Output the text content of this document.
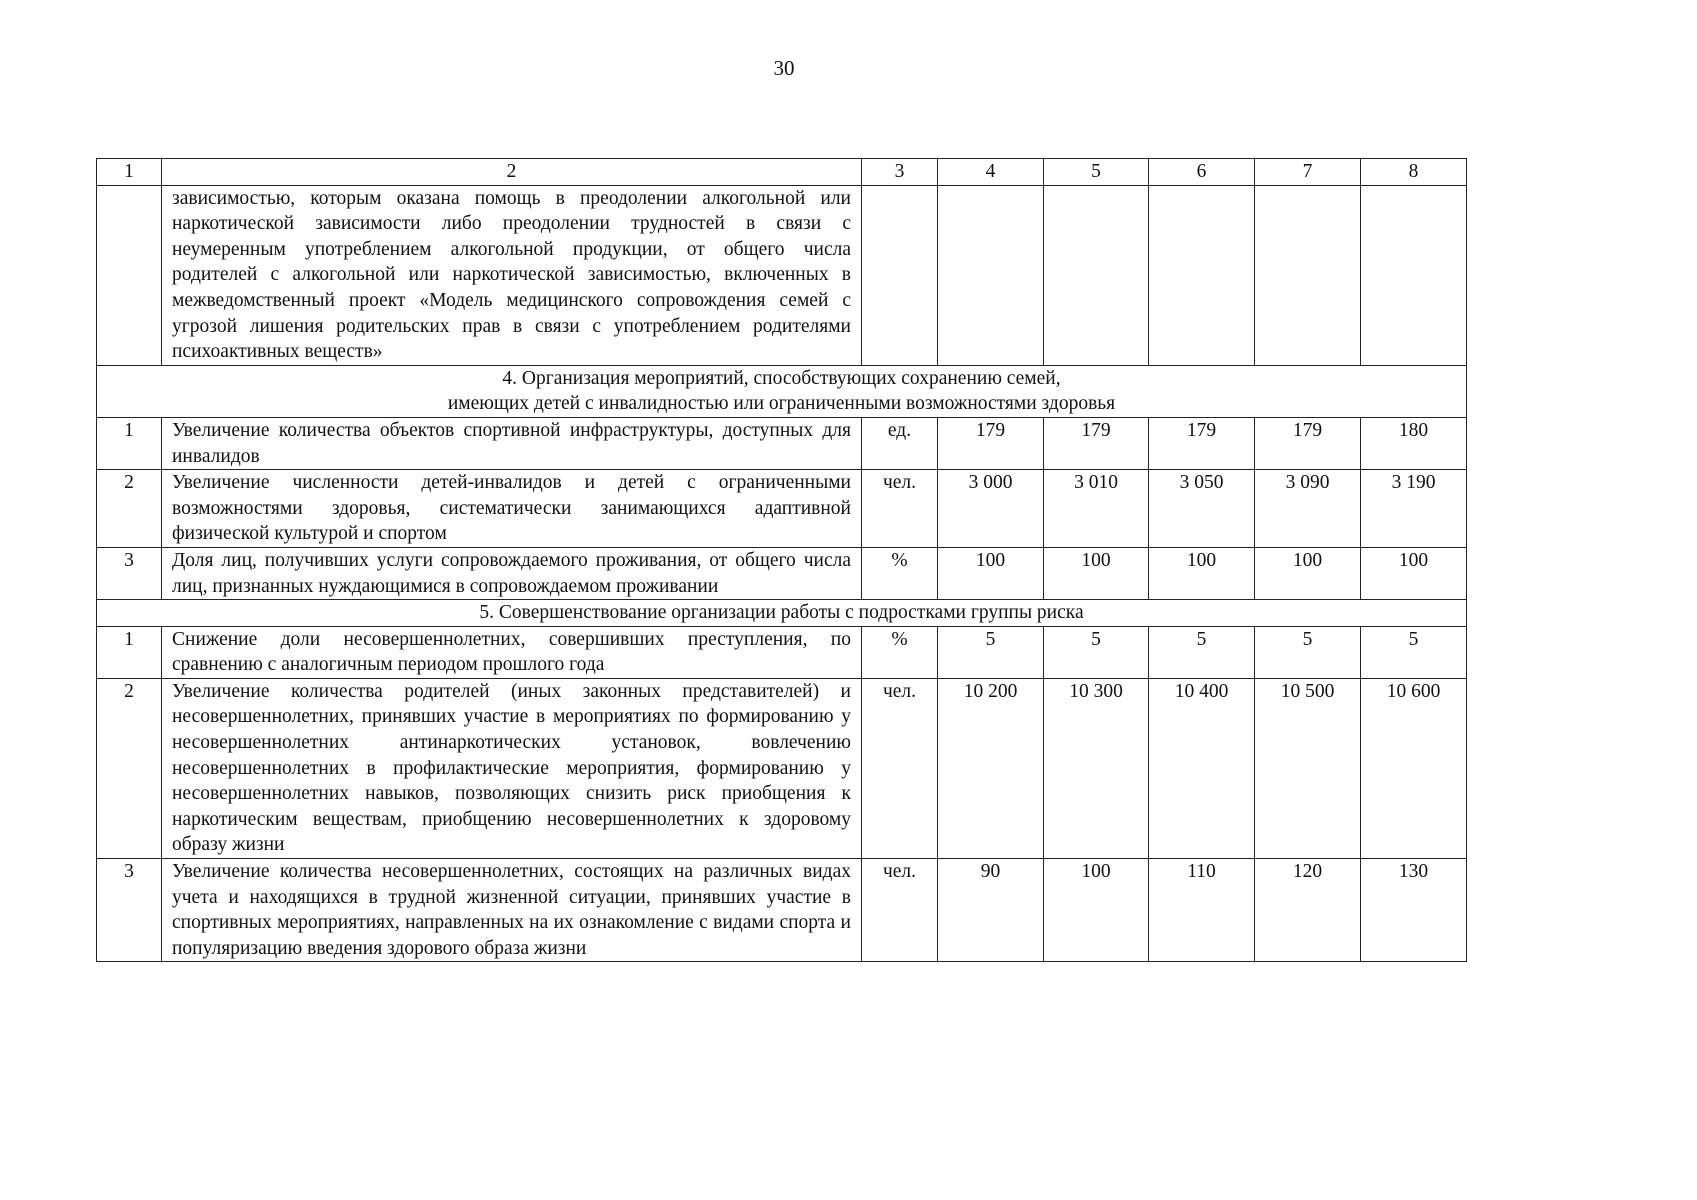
30
1	2	3	4	5	6	7	8
	зависимостью, которым оказана помощь в преодолении алкогольной или наркотической зависимости либо преодолении трудностей в связи с неумеренным употреблением алкогольной продукции, от общего числа родителей с алкогольной или наркотической зависимостью, включенных в межведомственный проект «Модель медицинского сопровождения семей с угрозой лишения родительских прав в связи с употреблением родителями психоактивных веществ»						

4. Организация мероприятий, способствующих сохранению семей,
имеющих детей с инвалидностью или ограниченными возможностями здоровья							

1	Увеличение количества объектов спортивной инфраструктуры, доступных для инвалидов	ед.	179	179	179	179	180
2	Увеличение численности детей-инвалидов и детей с ограниченными возможностями здоровья, систематически занимающихся адаптивной физической культурой и спортом	чел.	3 000	3 010	3 050	3 090	3 190
3	Доля лиц, получивших услуги сопровождаемого проживания, от общего числа лиц, признанных нуждающимися в сопровождаемом проживании	%	100	100	100	100	100

5. Совершенствование организации работы с подростками группы риска							

1	Снижение доли несовершеннолетних, совершивших преступления, по сравнению с аналогичным периодом прошлого года	%	5	5	5	5	5
2	Увеличение количества родителей (иных законных представителей) и несовершеннолетних, принявших участие в мероприятиях по формированию у несовершеннолетних антинаркотических установок, вовлечению несовершеннолетних в профилактические мероприятия, формированию у несовершеннолетних навыков, позволяющих снизить риск приобщения к наркотическим веществам, приобщению несовершеннолетних к здоровому образу жизни	чел.	10 200	10 300	10 400	10 500	10 600
3	Увеличение количества несовершеннолетних, состоящих на различных видах учета и находящихся в трудной жизненной ситуации, принявших участие в спортивных мероприятиях, направленных на их ознакомление с видами спорта и популяризацию введения здорового образа жизни	чел.	90	100	110	120	130
